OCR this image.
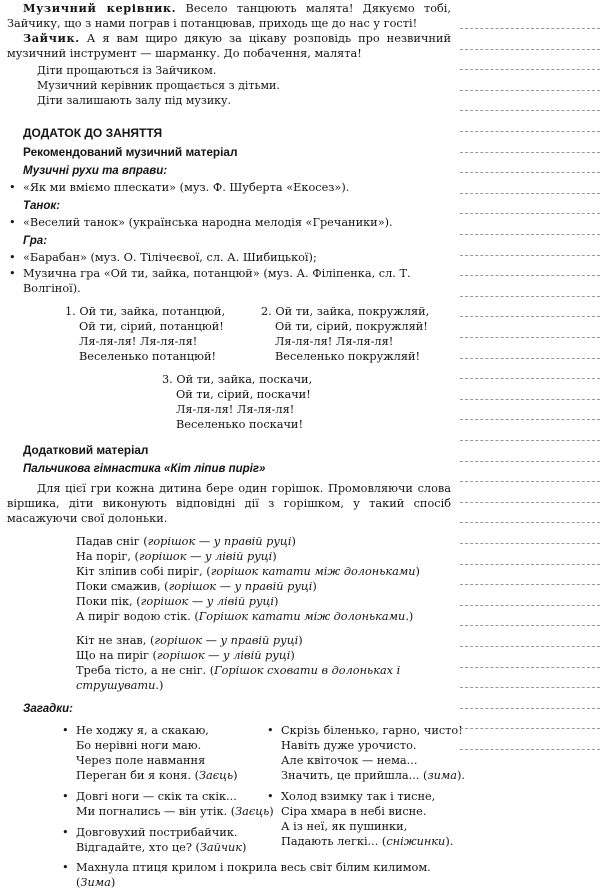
Музичний керівник. Весело танцюють малята! Дякуємо тобі, Зайчику, що з нами пограв і потанцював, приходь ще до нас у гості!

Зайчик. А я вам щиро дякую за цікаву розповідь про незвичний музичний інструмент — шарманку. До побачення, малята!

Діти прощаються із Зайчиком.
Музичний керівник прощається з дітьми.
Діти залишають залу під музику.
ДОДАТОК ДО ЗАНЯТТЯ
Рекомендований музичний матеріал
Музичні рухи та вправи:
• «Як ми вміємо плескати» (муз. Ф. Шуберта «Екосез»).
Танок:
• «Веселий танок» (українська народна мелодія «Гречаники»).
Гра:
• «Барабан» (муз. О. Тілічеєвої, сл. А. Шибицької);
• Музична гра «Ой ти, зайка, потанцюй» (муз. А. Філіпенка, сл. Т. Волгіної).
1. Ой ти, зайка, потанцюй,
Ой ти, сірий, потанцюй!
Ля-ля-ля! Ля-ля-ля!
Веселенько потанцюй!
2. Ой ти, зайка, покружляй,
Ой ти, сірий, покружляй!
Ля-ля-ля! Ля-ля-ля!
Веселенько покружляй!
3. Ой ти, зайка, поскачи,
Ой ти, сірий, поскачи!
Ля-ля-ля! Ля-ля-ля!
Веселенько поскачи!
Додатковий матеріал
Пальчикова гімнастика «Кіт ліпив пиріг»

Для цієї гри кожна дитина бере один горішок. Промовляючи слова віршика, діти виконують відповідні дії з горішком, у такий спосіб масажуючи свої долоньки.

Падав сніг (горішок — у правій руці)
На поріг, (горішок — у лівій руці)
Кіт зліпив собі пиріг, (горішок катати між долоньками)
Поки смажив, (горішок — у правій руці)
Поки пік, (горішок — у лівій руці)
А пиріг водою стік. (Горішок катати між долоньками.)
Кіт не знав, (горішок — у правій руці)
Що на пиріг (горішок — у лівій руці)
Треба тісто, а не сніг. (Горішок сховати в долоньках і струшувати.)
Загадки:
• Не ходжу я, а скакаю,
Бо нерівні ноги маю.
Через поле навмання
Переган би я коня. (Заєць)
• Довгі ноги — скік та скік...
Ми погнались — він утік. (Заєць)
• Довговухий пострибайчик.
Відгадайте, хто це? (Зайчик)
• Скрізь біленько, гарно, чисто!
Навіть дуже урочисто.
Але квіточок — нема...
Значить, це прийшла... (зима).
• Холод взимку так і тисне,
Сіра хмара в небі висне.
А із неї, як пушинки,
Падають легкі... (сніжинки).
• Махнула птиця крилом і покрила весь світ білим килимом. (Зима)
